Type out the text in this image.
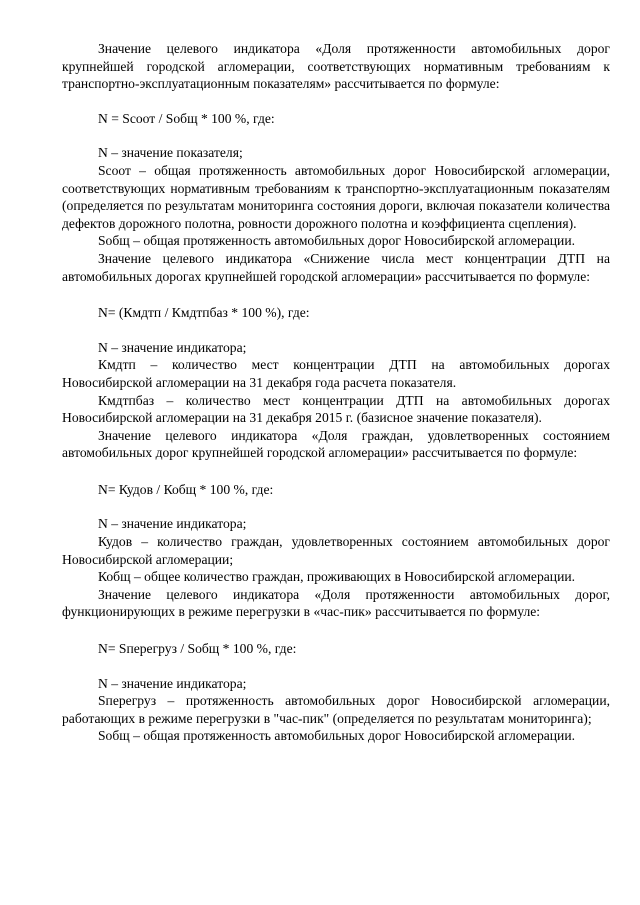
Значение целевого индикатора «Доля протяженности автомобильных дорог крупнейшей городской агломерации, соответствующих нормативным требованиям к транспортно-эксплуатационным показателям» рассчитывается по формуле:

N = Sсоот / Sобщ * 100 %, где:

N – значение показателя;

Sсоот – общая протяженность автомобильных дорог Новосибирской агломерации, соответствующих нормативным требованиям к транспортно-эксплуатационным показателям (определяется по результатам мониторинга состояния дороги, включая показатели количества дефектов дорожного полотна, ровности дорожного полотна и коэффициента сцепления).

Sобщ – общая протяженность автомобильных дорог Новосибирской агломерации.

Значение целевого индикатора «Снижение числа мест концентрации ДТП на автомобильных дорогах крупнейшей городской агломерации» рассчитывается по формуле:

N= (Кмдтп / Кмдтпбаз * 100 %), где:

N – значение индикатора;

Кмдтп – количество мест концентрации ДТП на автомобильных дорогах Новосибирской агломерации на 31 декабря года расчета показателя.

Кмдтпбаз – количество мест концентрации ДТП на автомобильных дорогах Новосибирской агломерации на 31 декабря 2015 г. (базисное значение показателя).

Значение целевого индикатора «Доля граждан, удовлетворенных состоянием автомобильных дорог крупнейшей городской агломерации» рассчитывается по формуле:

N= Кудов / Кобщ * 100 %, где:

N – значение индикатора;

Кудов – количество граждан, удовлетворенных состоянием автомобильных дорог Новосибирской агломерации;

Кобщ – общее количество граждан, проживающих в Новосибирской агломерации.

Значение целевого индикатора «Доля протяженности автомобильных дорог, функционирующих в режиме перегрузки в «час-пик» рассчитывается по формуле:

N= Sперегруз / Sобщ * 100 %, где:

N – значение индикатора;

Sперегруз – протяженность автомобильных дорог Новосибирской агломерации, работающих в режиме перегрузки в "час-пик" (определяется по результатам мониторинга);

Sобщ – общая протяженность автомобильных дорог Новосибирской агломерации.
